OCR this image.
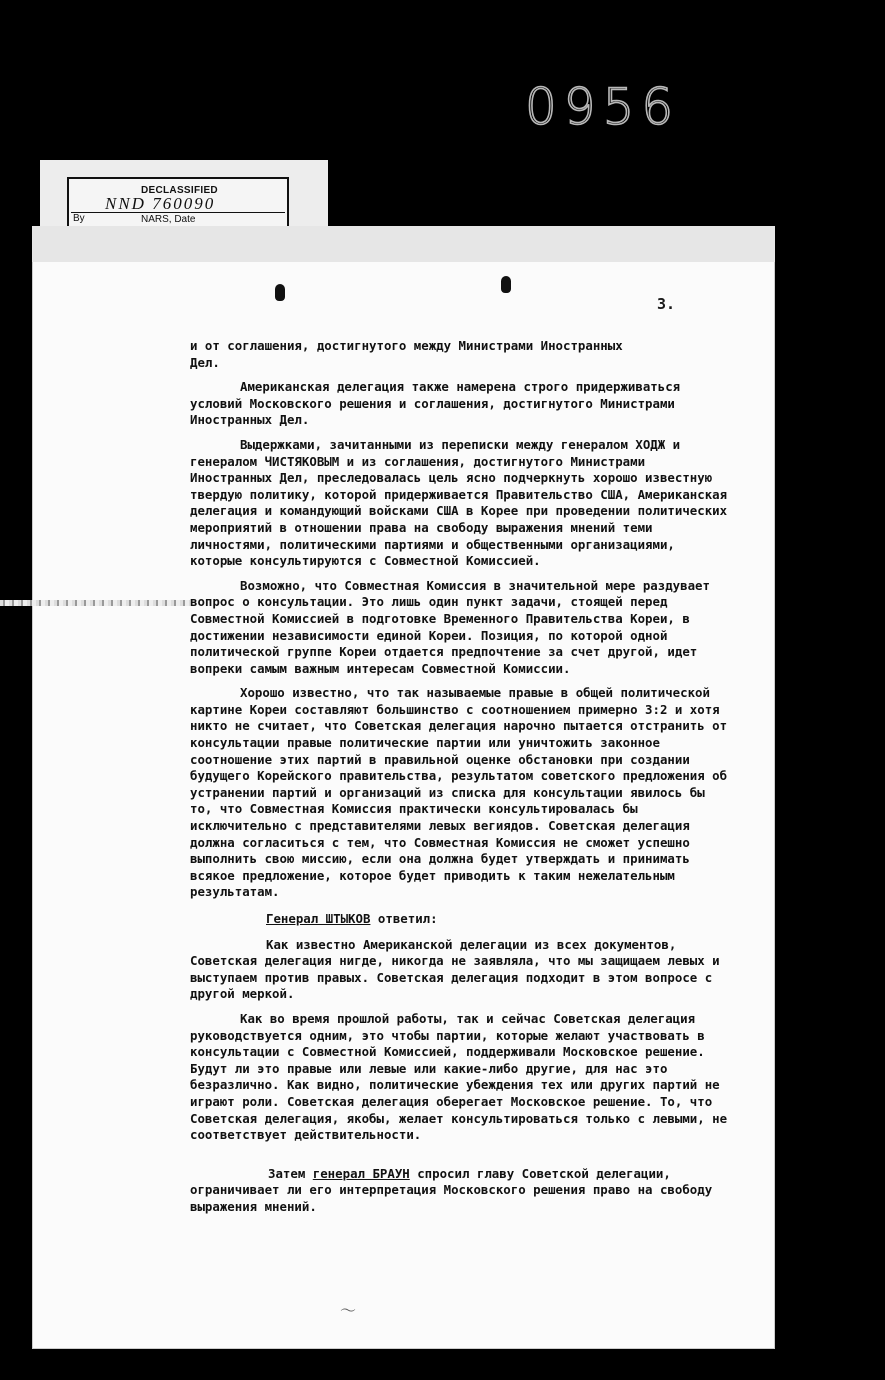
0956
DECLASSIFIED
NND 760090
By	NARS, Date
3.

и от соглашения, достигнутого между Министрами Иностранных
Дел.

Американская делегация также намерена строго придерживаться условий Московского решения и соглашения, достигнутого Министрами Иностранных Дел.

Выдержками, зачитанными из переписки между генералом ХОДЖ и генералом ЧИСТЯКОВЫМ и из соглашения, достигнутого Министрами Иностранных Дел, преследовалась цель ясно подчеркнуть хорошо известную твердую политику, которой придерживается Правительство США, Американская делегация и командующий войсками США в Корее при проведении политических мероприятий в отношении права на свободу выражения мнений теми личностями, политическими партиями и общественными организациями, которые консультируются с Совместной Комиссией.

Возможно, что Совместная Комиссия в значительной мере раздувает вопрос о консультации. Это лишь один пункт задачи, стоящей перед Совместной Комиссией в подготовке Временного Правительства Кореи, в достижении независимости единой Кореи. Позиция, по которой одной политической группе Кореи отдается предпочтение за счет другой, идет вопреки самым важным интересам Совместной Комиссии.

Хорошо известно, что так называемые правые в общей политической картине Кореи составляют большинство с соотношением примерно 3:2 и хотя никто не считает, что Советская делегация нарочно пытается отстранить от консультации правые политические партии или уничтожить законное соотношение этих партий в правильной оценке обстановки при создании будущего Корейского правительства, результатом советского предложения об устранении партий и организаций из списка для консультации явилось бы то, что Совместная Комиссия практически консультировалась бы исключительно с представителями левых вегиядов. Советская делегация должна согласиться с тем, что Совместная Комиссия не сможет успешно выполнить свою миссию, если она должна будет утверждать и принимать всякое предложение, которое будет приводить к таким нежелательным результатам.

Генерал ШТЫКОВ ответил:

Как известно Американской делегации из всех документов, Советская делегация нигде, никогда не заявляла, что мы защищаем левых и выступаем против правых. Советская делегация подходит в этом вопросе с другой меркой.

Как во время прошлой работы, так и сейчас Советская делегация руководствуется одним, это чтобы партии, которые желают участвовать в консультации с Совместной Комиссией, поддерживали Московское решение. Будут ли это правые или левые или какие-либо другие, для нас это безразлично. Как видно, политические убеждения тех или других партий не играют роли. Советская делегация оберегает Московское решение. То, что Советская делегация, якобы, желает консультироваться только с левыми, не соответствует действительности.

Затем генерал БРАУН спросил главу Советской делегации, ограничивает ли его интерпретация Московского решения право на свободу выражения мнений.

〜
